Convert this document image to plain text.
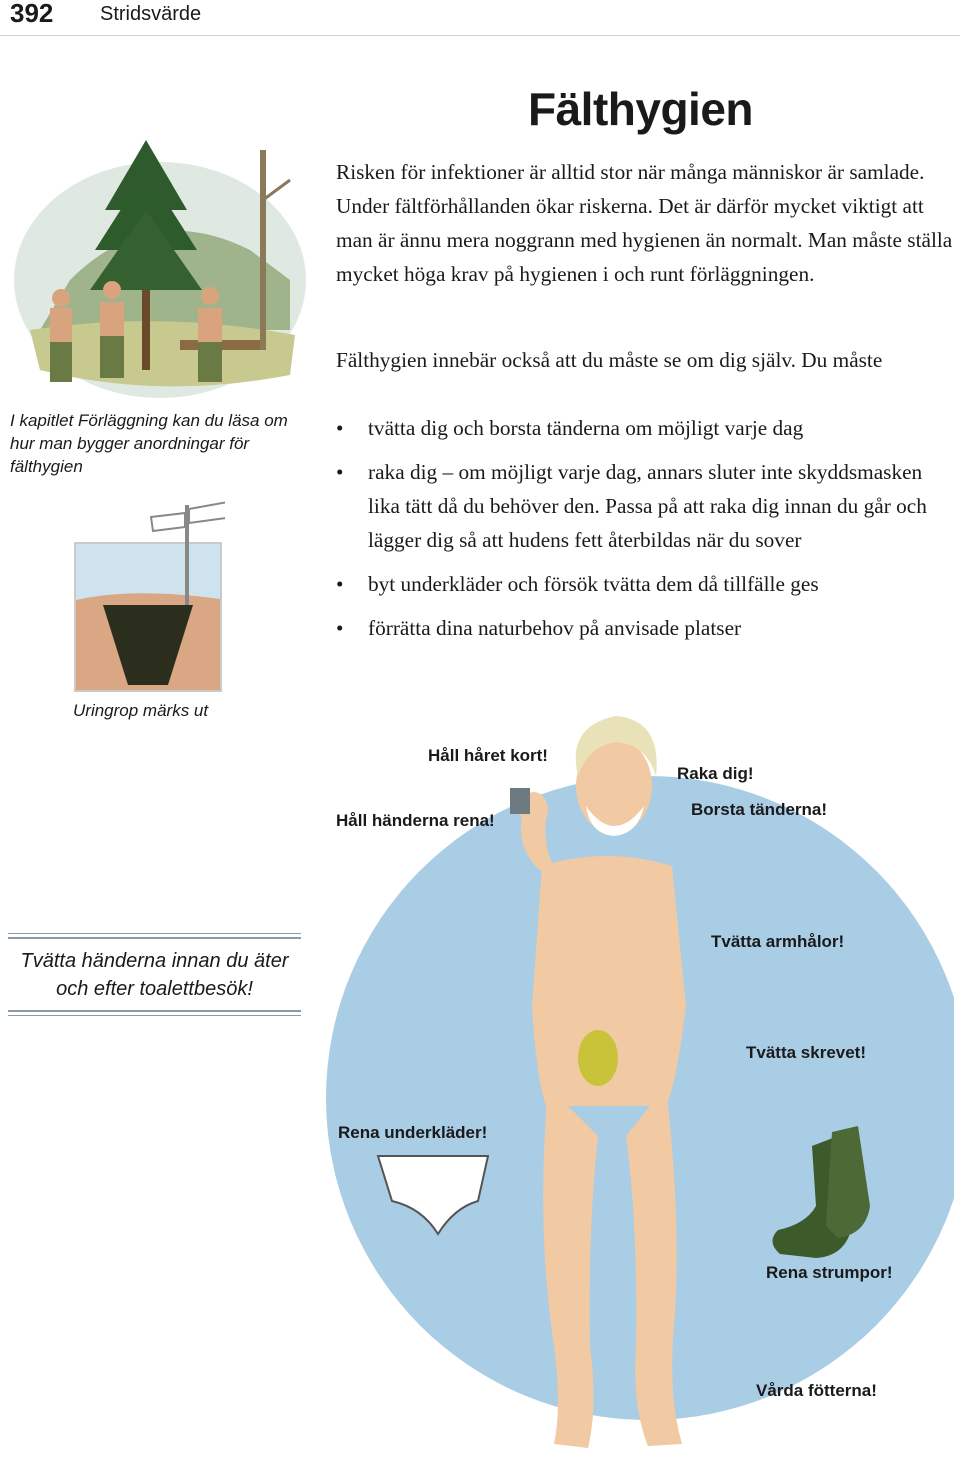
392 Stridsvärde
Fälthygien
Risken för infektioner är alltid stor när många människor är samlade. Under fältförhållanden ökar riskerna. Det är därför mycket viktigt att man är ännu mera noggrann med hygienen än normalt. Man måste ställa mycket höga krav på hygienen i och runt förläggningen.
Fälthygien innebär också att du måste se om dig själv. Du måste
• tvätta dig och borsta tänderna om möjligt varje dag
• raka dig – om möjligt varje dag, annars sluter inte skyddsmasken lika tätt då du behöver den. Passa på att raka dig innan du går och lägger dig så att hudens fett återbildas när du sover
• byt underkläder och försök tvätta dem då tillfälle ges
• förrätta dina naturbehov på anvisade platser
I kapitlet Förläggning kan du läsa om hur man bygger anordningar för fälthygien
Uringrop märks ut
Tvätta händerna innan du äter och efter toalettbesök!
Håll håret kort!
Håll händerna rena!
Raka dig!
Borsta tänderna!
Tvätta armhålor!
Tvätta skrevet!
Rena underkläder!
Rena strumpor!
Vårda fötterna!
